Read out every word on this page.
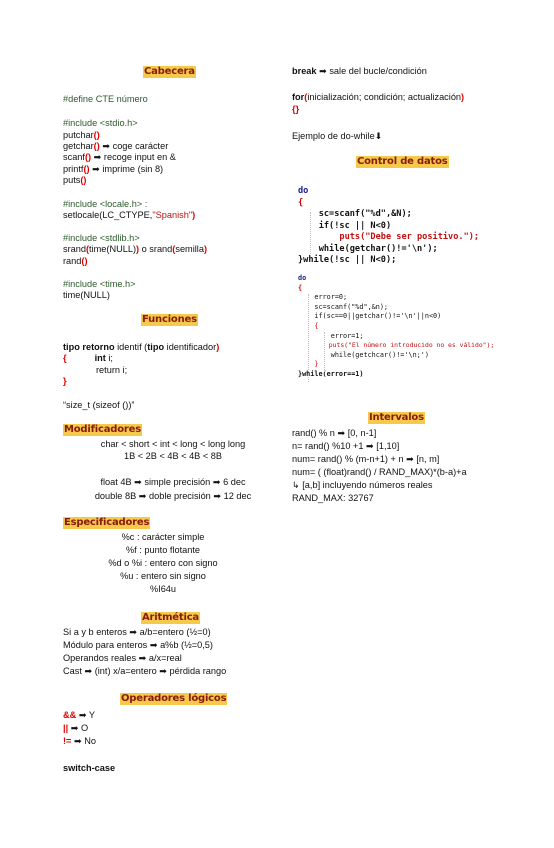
Cabecera
#define CTE número
#include <stdio.h>
putchar()
getchar() ➡ coge carácter
scanf() ➡ recoge input en &
printf() ➡ imprime (sin 8)
puts()
#include <locale.h> :
setlocale(LC_CTYPE,"Spanish")
#include <stdlib.h>
srand(time(NULL)) o srand(semilla)
rand()
#include <time.h>
time(NULL)
Funciones
tipo retorno identif (tipo identificador)
{	int i;
return i;
}
“size_t (sizeof ())”
Modificadores
char < short < int < long < long long
1B < 2B < 4B < 4B < 8B
float 4B ➡ simple precisión ➡ 6 dec
double 8B ➡ doble precisión ➡ 12 dec
Especificadores
%c : carácter simple
%f : punto flotante
%d o %i : entero con signo
%u : entero sin signo
%I64u
Aritmética
Si a y b enteros ➡ a/b=entero (½=0)
Módulo para enteros ➡ a%b (½=0,5)
Operandos reales ➡ a/x=real
Cast ➡ (int) x/a=entero ➡ pérdida rango
Operadores lógicos
&& ➡ Y
|| ➡ O
!= ➡ No
switch-case
break ➡ sale del bucle/condición
for(inicialización; condición; actualización)
{}
Ejemplo de do-while⬇
Control de datos
do
{
sc=scanf("%d",&N);
if(!sc || N<0)
puts("Debe ser positivo.");
while(getchar()!='\n');
}while(!sc || N<0);
do
{
error=0;
sc=scanf("%d",&n);
if(sc==0||getchar()!='\n'||n<0)
{
error=1;
puts("El número introducido no es válido");
while(getchcar()!='\n;')
}
}while(error==1)
Intervalos
rand() % n ➡ [0, n-1]
n= rand() %10 +1 ➡ [1,10]
num= rand() % (m-n+1) + n ➡ [n, m]
num= ( (float)rand() / RAND_MAX)*(b-a)+a
↳ [a,b] incluyendo números reales
RAND_MAX: 32767
